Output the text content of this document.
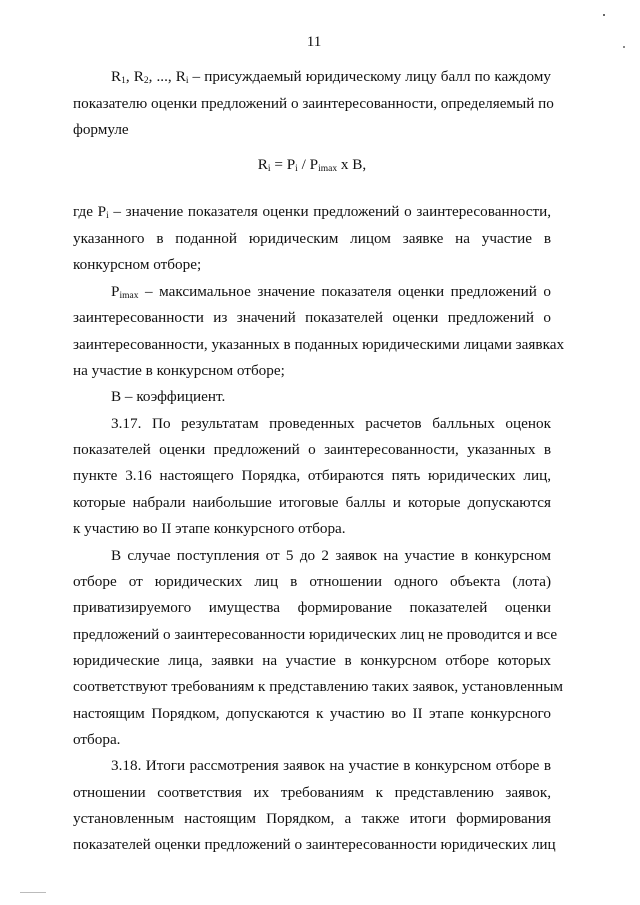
11
$R_1$, $R_2$, ..., $R_i$ – присуждаемый юридическому лицу балл по каждому
показателю оценки предложений о заинтересованности, определяемый по
формуле
$R_i = P_i / P_{imax}$ х B,
где $P_i$ – значение показателя оценки предложений о заинтересованности,
указанного в поданной юридическим лицом заявке на участие в
конкурсном отборе;
$P_{imax}$ – максимальное значение показателя оценки предложений о
заинтересованности из значений показателей оценки предложений о
заинтересованности, указанных в поданных юридическими лицами заявках
на участие в конкурсном отборе;
B – коэффициент.
3.17. По результатам проведенных расчетов балльных оценок
показателей оценки предложений о заинтересованности, указанных в
пункте 3.16 настоящего Порядка, отбираются пять юридических лиц,
которые набрали наибольшие итоговые баллы и которые допускаются
к участию во II этапе конкурсного отбора.
В случае поступления от 5 до 2 заявок на участие в конкурсном
отборе от юридических лиц в отношении одного объекта (лота)
приватизируемого имущества формирование показателей оценки
предложений о заинтересованности юридических лиц не проводится и все
юридические лица, заявки на участие в конкурсном отборе которых
соответствуют требованиям к представлению таких заявок, установленным
настоящим Порядком, допускаются к участию во II этапе конкурсного
отбора.
3.18. Итоги рассмотрения заявок на участие в конкурсном отборе в
отношении соответствия их требованиям к представлению заявок,
установленным настоящим Порядком, а также итоги формирования
показателей оценки предложений о заинтересованности юридических лиц
